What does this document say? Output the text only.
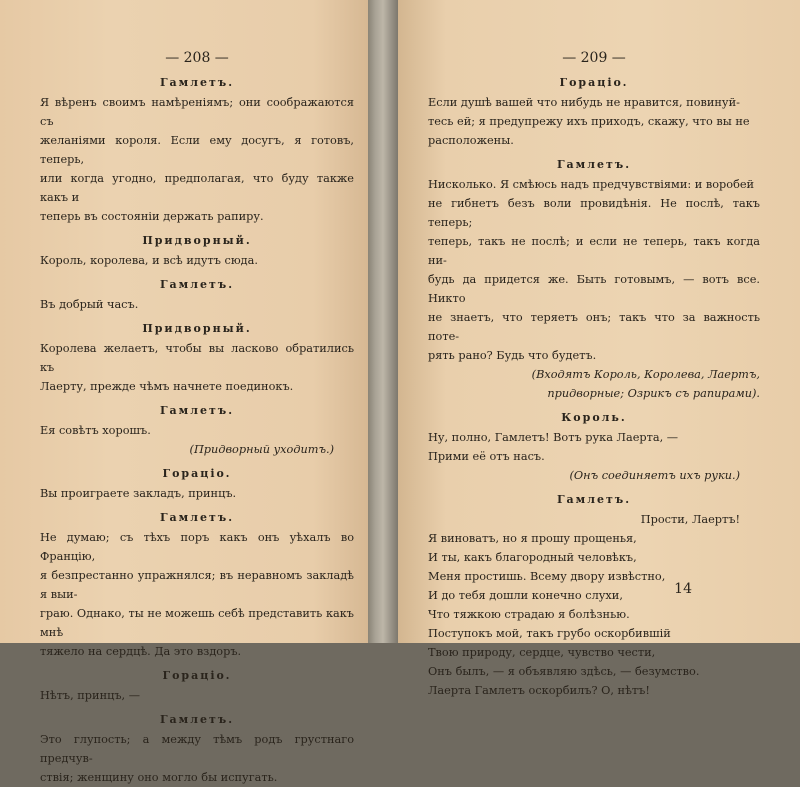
— 208 —
Гамлетъ.
Я вѣренъ своимъ намѣреніямъ; они соображаются съ
желаніями короля. Если ему досугъ, я готовъ, теперь,
или когда угодно, предполагая, что буду также какъ и
теперь въ состояніи держать рапиру.
Придворный.
Король, королева, и всѣ идутъ сюда.
Гамлетъ.
Въ добрый часъ.
Придворный.
Королева желаетъ, чтобы вы ласково обратились къ
Лаерту, прежде чѣмъ начнете поединокъ.
Гамлетъ.
Ея совѣтъ хорошъ.
(Придворный уходитъ.)
Горацio.
Вы проиграете закладъ, принцъ.
Гамлетъ.
Не думаю; съ тѣхъ поръ какъ онъ уѣхалъ во Францію,
я безпрестанно упражнялся; въ неравномъ закладѣ я выи-
граю. Однако, ты не можешь себѣ представить какъ мнѣ
тяжело на сердцѣ. Да это вздоръ.
Горацio.
Нѣтъ, принцъ, —
Гамлетъ.
Это глупость; а между тѣмъ родъ грустнаго предчув-
ствія; женщину оно могло бы испугать.
— 209 —
Горацio.
Если душѣ вашей что нибудь не нравится, повинуй-
тесь ей; я предупрежу ихъ приходъ, скажу, что вы не
расположены.
Гамлетъ.
Нисколько. Я смѣюсь надъ предчувствіями: и воробей
не гибнетъ безъ воли провидѣнія. Не послѣ, такъ теперь;
теперь, такъ не послѣ; и если не теперь, такъ когда ни-
будь да придется же. Быть готовымъ, — вотъ все. Никто
не знаетъ, что теряетъ онъ; такъ что за важность потe-
рять рано? Будь что будетъ.
(Входятъ Король, Королева, Лаертъ,
придворные; Озрикъ съ рапирами).
Король.
Ну, полно, Гамлетъ! Вотъ рука Лаерта, —
Прими её отъ насъ.
(Онъ соединяетъ ихъ руки.)
Гамлетъ.
Прости, Лаертъ!
Я виноватъ, но я прошу прощенья,
И ты, какъ благородный человѣкъ,
Меня простишь. Всему двору извѣстно,
И до тебя дошли конечно слухи,
Что тяжкою страдаю я болѣзнью.
Поступокъ мой, такъ грубо оскорбившій
Твою природу, сердце, чувство чести,
Онъ былъ, — я объявляю здѣсь, — безумство.
Лаерта Гамлетъ оскорбилъ? О, нѣтъ!
14
